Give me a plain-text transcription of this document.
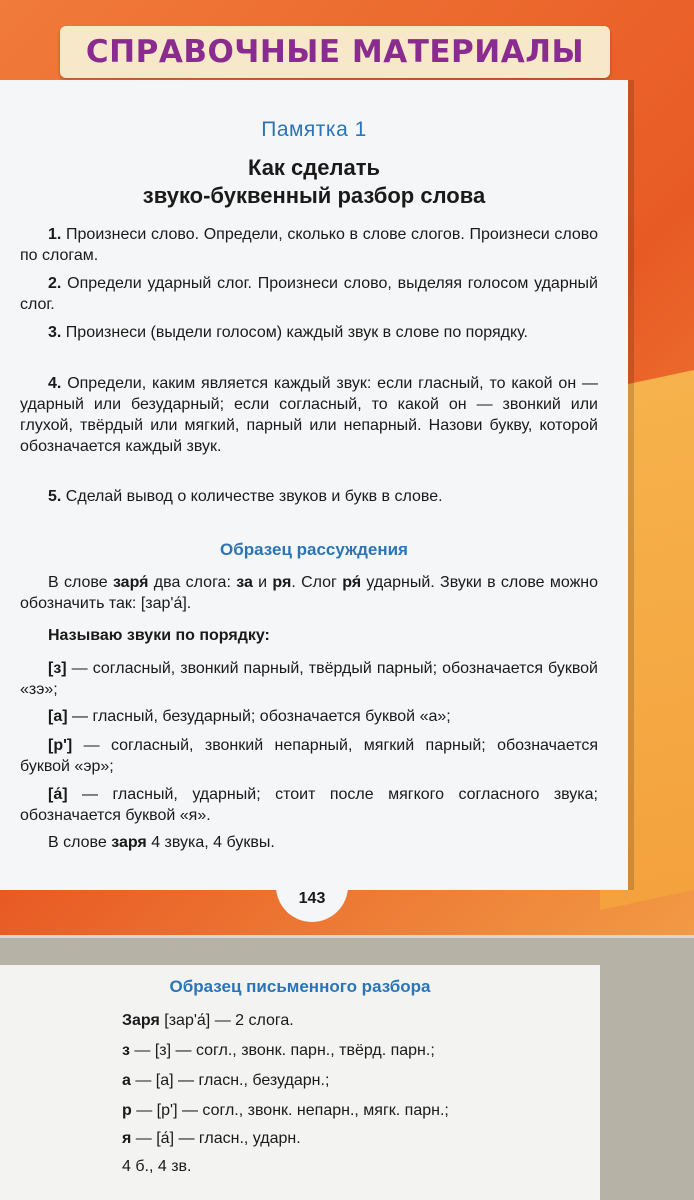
СПРАВОЧНЫЕ МАТЕРИАЛЫ
Памятка 1
Как сделать
звуко-буквенный разбор слова
1. Произнеси слово. Определи, сколько в слове слогов. Произнеси слово по слогам.
2. Определи ударный слог. Произнеси слово, выделяя голосом ударный слог.
3. Произнеси (выдели голосом) каждый звук в слове по порядку.
4. Определи, каким является каждый звук: если гласный, то какой он — ударный или безударный; если согласный, то какой он — звонкий или глухой, твёрдый или мягкий, парный или непарный. Назови букву, которой обозначается каждый звук.
5. Сделай вывод о количестве звуков и букв в слове.
Образец рассуждения
В слове заря́ два слога: за и ря. Слог ря́ ударный. Звуки в слове можно обозначить так: [зар'а́].
Называю звуки по порядку:
[з] — согласный, звонкий парный, твёрдый парный; обозначается буквой «зэ»;
[а] — гласный, безударный; обозначается буквой «а»;
[р'] — согласный, звонкий непарный, мягкий парный; обозначается буквой «эр»;
[а́] — гласный, ударный; стоит после мягкого согласного звука; обозначается буквой «я».
В слове заря 4 звука, 4 буквы.
143
Образец письменного разбора
Заря [зар'а́] — 2 слога.
з — [з] — согл., звонк. парн., твёрд. парн.;
а — [а] — гласн., безударн.;
р — [р'] — согл., звонк. непарн., мягк. парн.;
я — [а́] — гласн., ударн.
4 б., 4 зв.
